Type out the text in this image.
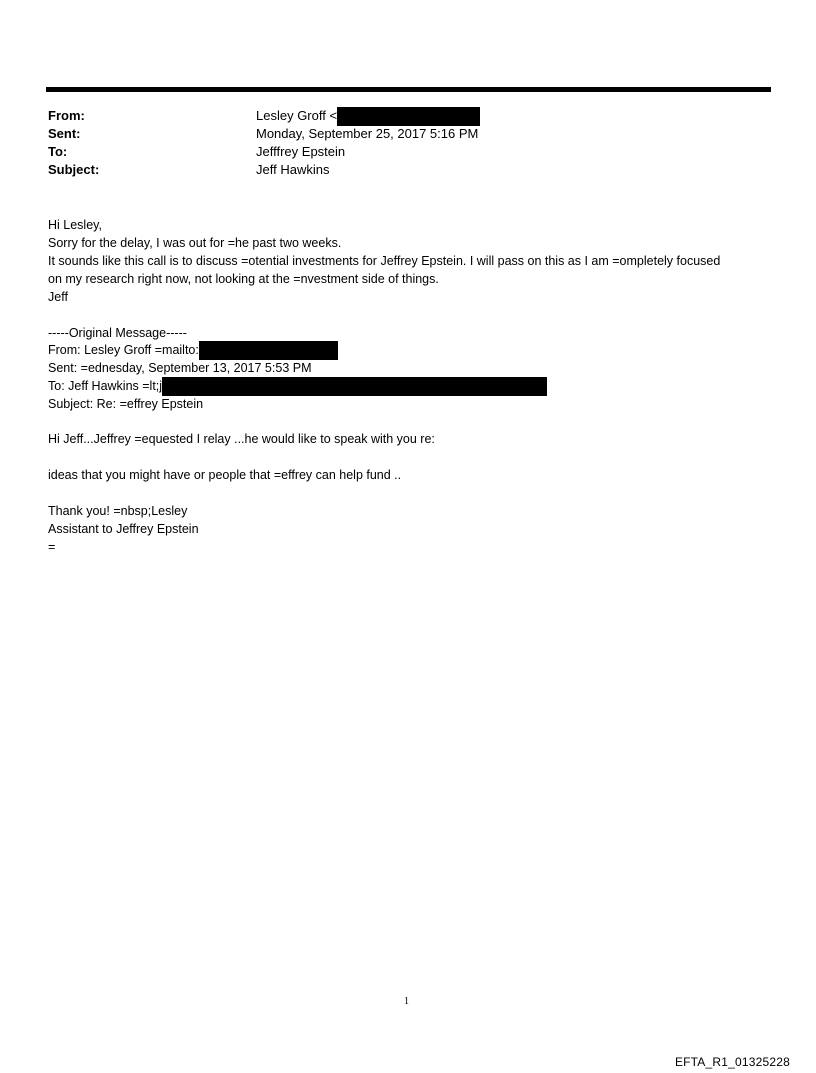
From:	Lesley Groff <
Sent:	Monday, September 25, 2017 5:16 PM
To:	Jefffrey Epstein
Subject:	Jeff Hawkins
Hi Lesley,
Sorry for the delay, I was out for =he past two weeks.
It sounds like this call is to discuss =otential investments for Jeffrey Epstein. I will pass on this as I am =ompletely focused
on my research right now, not looking at the =nvestment side of things.
Jeff
-----Original Message-----
From: Lesley Groff =mailto:
Sent: =ednesday, September 13, 2017 5:53 PM
To: Jeff Hawkins =lt;j
Subject: Re: =effrey Epstein
Hi Jeff...Jeffrey =equested I relay ...he would like to speak with you re:
ideas that you might have or people that =effrey can help fund ..
Thank you! =nbsp;Lesley
Assistant to Jeffrey Epstein
=
1
EFTA_R1_01325228
